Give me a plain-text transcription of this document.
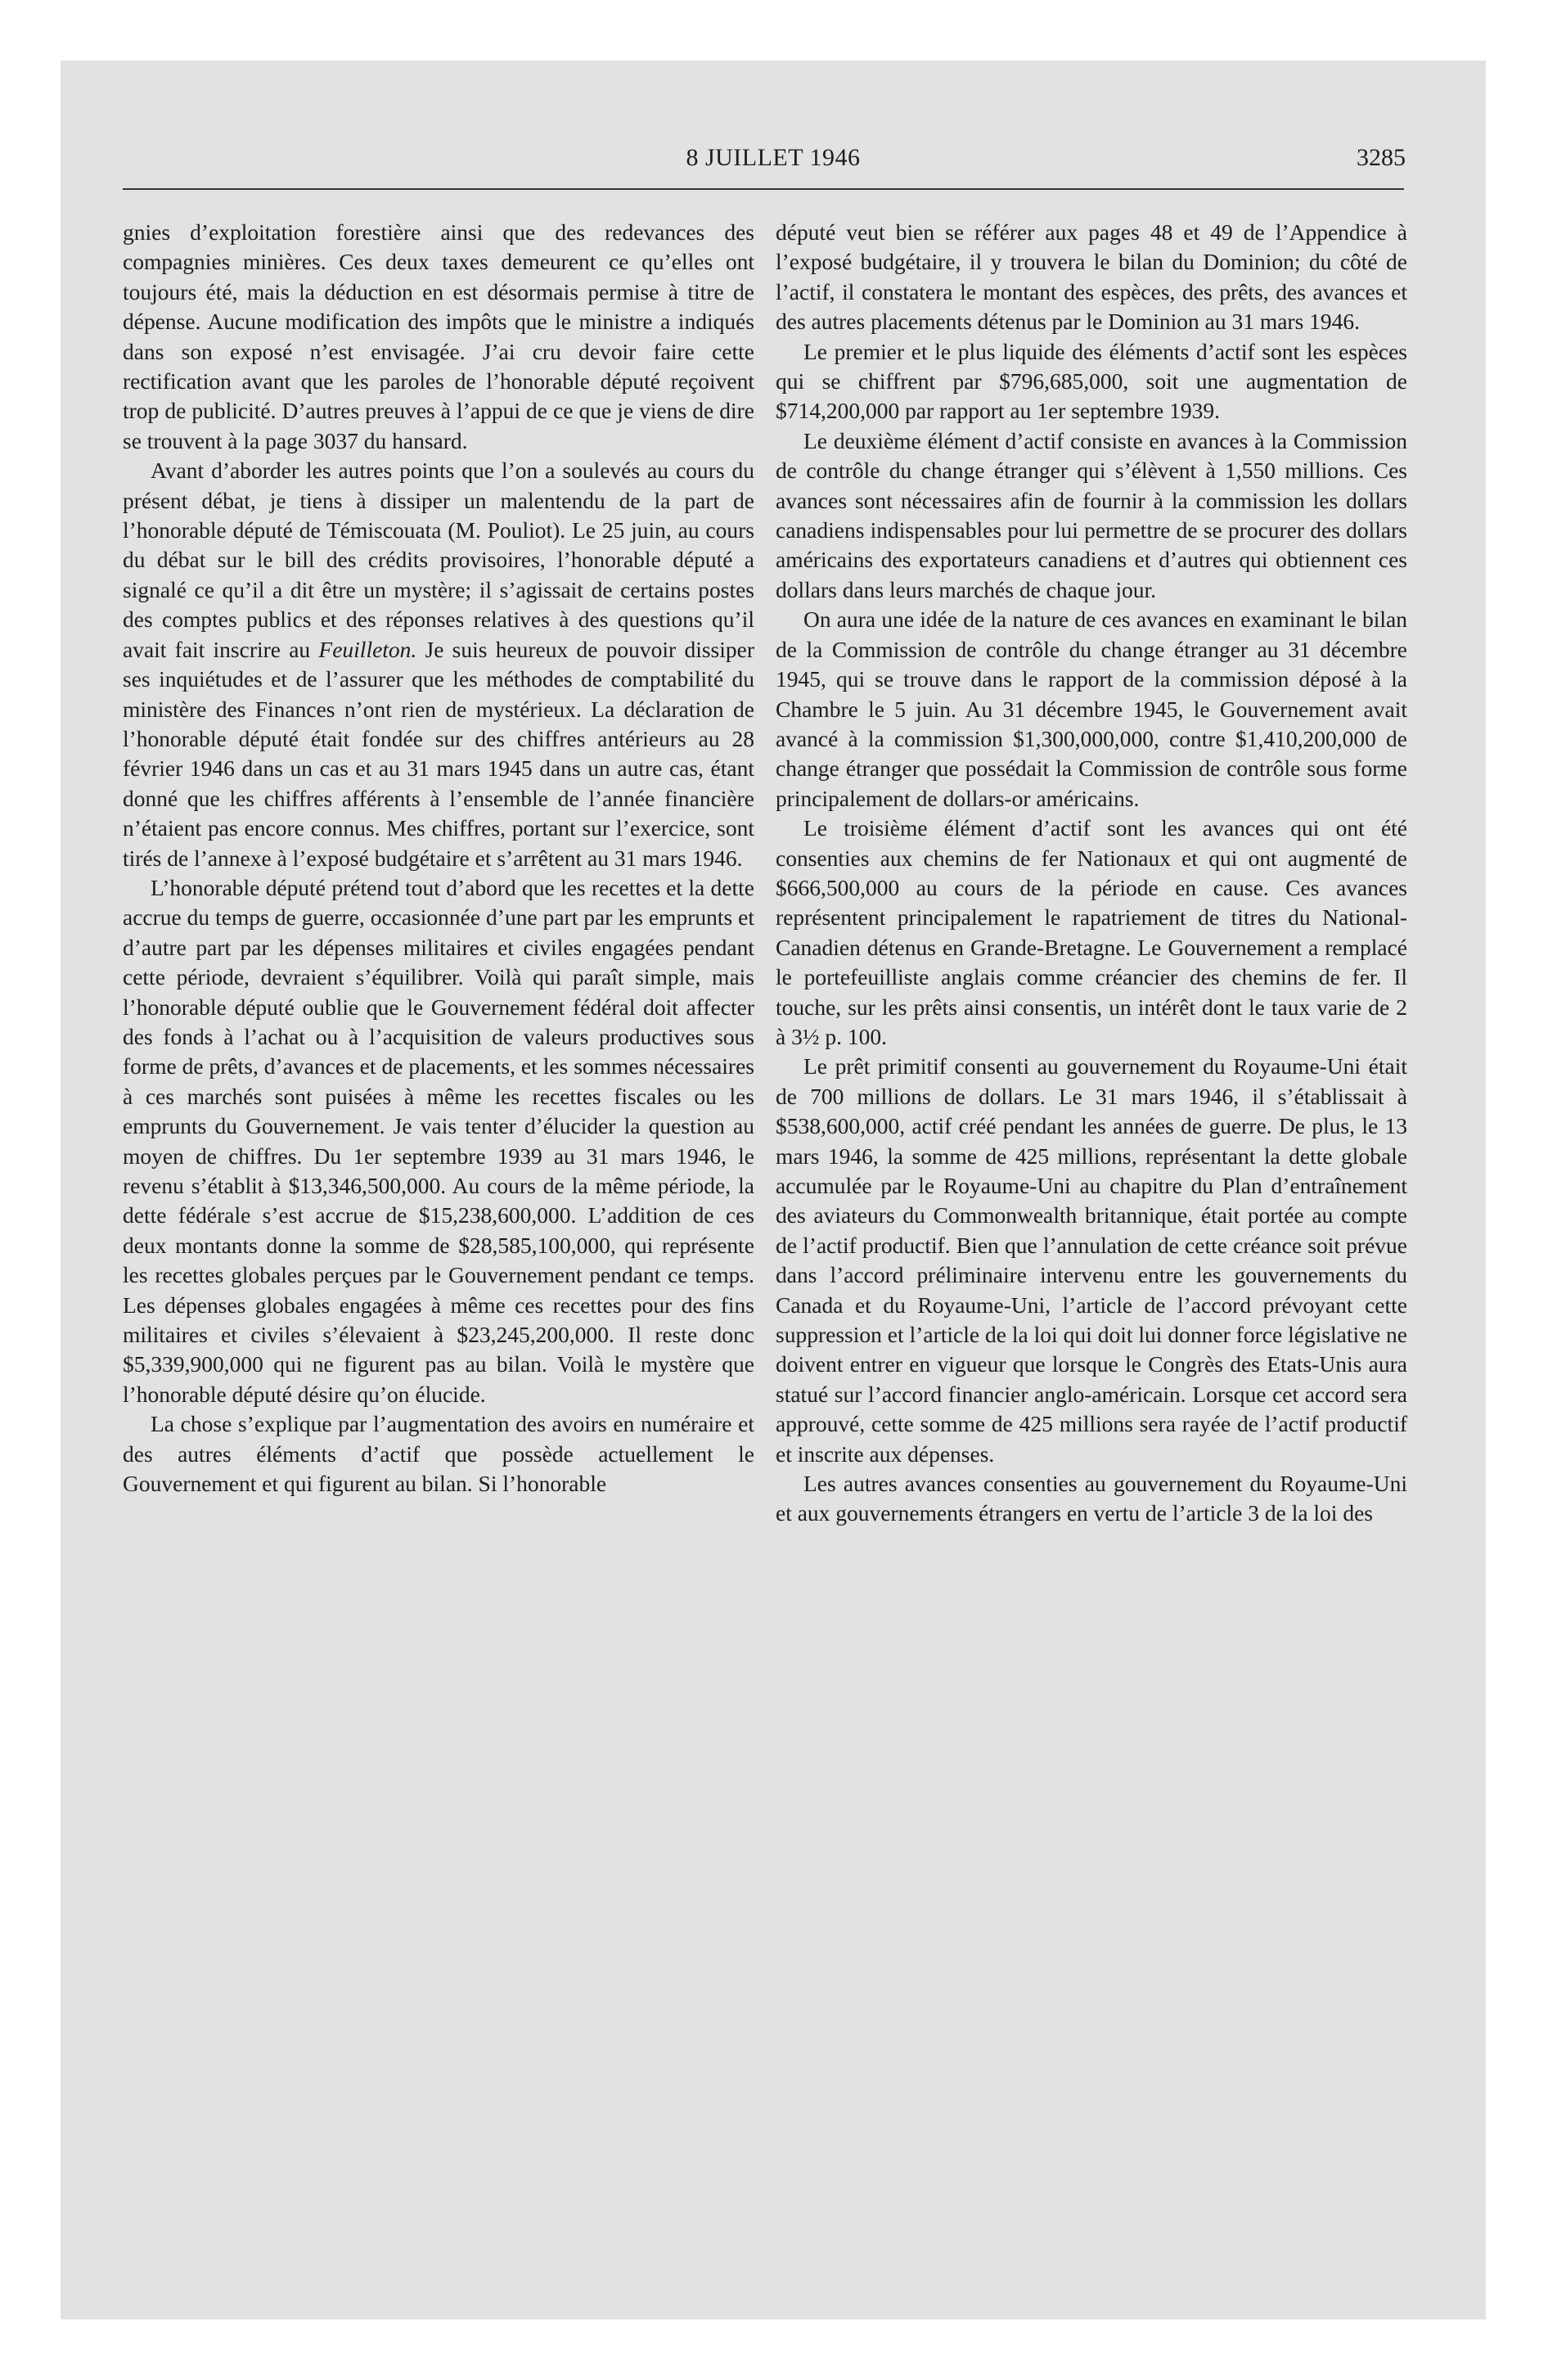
8 JUILLET 1946	3285

gnies d’exploitation forestière ainsi que des redevances des compagnies minières. Ces deux taxes demeurent ce qu’elles ont toujours été, mais la déduction en est désormais permise à titre de dépense. Aucune modification des impôts que le ministre a indiqués dans son exposé n’est envisagée. J’ai cru devoir faire cette rectification avant que les paroles de l’honorable député reçoivent trop de publicité. D’autres preuves à l’appui de ce que je viens de dire se trouvent à la page 3037 du hansard.

Avant d’aborder les autres points que l’on a soulevés au cours du présent débat, je tiens à dissiper un malentendu de la part de l’honorable député de Témiscouata (M. Pouliot). Le 25 juin, au cours du débat sur le bill des crédits provisoires, l’honorable député a signalé ce qu’il a dit être un mystère; il s’agissait de certains postes des comptes publics et des réponses relatives à des questions qu’il avait fait inscrire au Feuilleton. Je suis heureux de pouvoir dissiper ses inquiétudes et de l’assurer que les méthodes de comptabilité du ministère des Finances n’ont rien de mystérieux. La déclaration de l’honorable député était fondée sur des chiffres antérieurs au 28 février 1946 dans un cas et au 31 mars 1945 dans un autre cas, étant donné que les chiffres afférents à l’ensemble de l’année financière n’étaient pas encore connus. Mes chiffres, portant sur l’exercice, sont tirés de l’annexe à l’exposé budgétaire et s’arrêtent au 31 mars 1946.

L’honorable député prétend tout d’abord que les recettes et la dette accrue du temps de guerre, occasionnée d’une part par les emprunts et d’autre part par les dépenses militaires et civiles engagées pendant cette période, devraient s’équilibrer. Voilà qui paraît simple, mais l’honorable député oublie que le Gouvernement fédéral doit affecter des fonds à l’achat ou à l’acquisition de valeurs productives sous forme de prêts, d’avances et de placements, et les sommes nécessaires à ces marchés sont puisées à même les recettes fiscales ou les emprunts du Gouvernement. Je vais tenter d’élucider la question au moyen de chiffres. Du 1er septembre 1939 au 31 mars 1946, le revenu s’établit à $13,346,500,000. Au cours de la même période, la dette fédérale s’est accrue de $15,238,600,000. L’addition de ces deux montants donne la somme de $28,585,100,000, qui représente les recettes globales perçues par le Gouvernement pendant ce temps. Les dépenses globales engagées à même ces recettes pour des fins militaires et civiles s’élevaient à $23,245,200,000. Il reste donc $5,339,900,000 qui ne figurent pas au bilan. Voilà le mystère que l’honorable député désire qu’on élucide.

La chose s’explique par l’augmentation des avoirs en numéraire et des autres éléments d’actif que possède actuellement le Gouvernement et qui figurent au bilan. Si l’honorable

député veut bien se référer aux pages 48 et 49 de l’Appendice à l’exposé budgétaire, il y trouvera le bilan du Dominion; du côté de l’actif, il constatera le montant des espèces, des prêts, des avances et des autres placements détenus par le Dominion au 31 mars 1946.

Le premier et le plus liquide des éléments d’actif sont les espèces qui se chiffrent par $796,685,000, soit une augmentation de $714,200,000 par rapport au 1er septembre 1939.

Le deuxième élément d’actif consiste en avances à la Commission de contrôle du change étranger qui s’élèvent à 1,550 millions. Ces avances sont nécessaires afin de fournir à la commission les dollars canadiens indispensables pour lui permettre de se procurer des dollars américains des exportateurs canadiens et d’autres qui obtiennent ces dollars dans leurs marchés de chaque jour.

On aura une idée de la nature de ces avances en examinant le bilan de la Commission de contrôle du change étranger au 31 décembre 1945, qui se trouve dans le rapport de la commission déposé à la Chambre le 5 juin. Au 31 décembre 1945, le Gouvernement avait avancé à la commission $1,300,000,000, contre $1,410,200,000 de change étranger que possédait la Commission de contrôle sous forme principalement de dollars-or américains.

Le troisième élément d’actif sont les avances qui ont été consenties aux chemins de fer Nationaux et qui ont augmenté de $666,500,000 au cours de la période en cause. Ces avances représentent principalement le rapatriement de titres du National-Canadien détenus en Grande-Bretagne. Le Gouvernement a remplacé le portefeuilliste anglais comme créancier des chemins de fer. Il touche, sur les prêts ainsi consentis, un intérêt dont le taux varie de 2 à 3½ p. 100.

Le prêt primitif consenti au gouvernement du Royaume-Uni était de 700 millions de dollars. Le 31 mars 1946, il s’établissait à $538,600,000, actif créé pendant les années de guerre. De plus, le 13 mars 1946, la somme de 425 millions, représentant la dette globale accumulée par le Royaume-Uni au chapitre du Plan d’entraînement des aviateurs du Commonwealth britannique, était portée au compte de l’actif productif. Bien que l’annulation de cette créance soit prévue dans l’accord préliminaire intervenu entre les gouvernements du Canada et du Royaume-Uni, l’article de l’accord prévoyant cette suppression et l’article de la loi qui doit lui donner force législative ne doivent entrer en vigueur que lorsque le Congrès des Etats-Unis aura statué sur l’accord financier anglo-américain. Lorsque cet accord sera approuvé, cette somme de 425 millions sera rayée de l’actif productif et inscrite aux dépenses.

Les autres avances consenties au gouvernement du Royaume-Uni et aux gouvernements étrangers en vertu de l’article 3 de la loi des
